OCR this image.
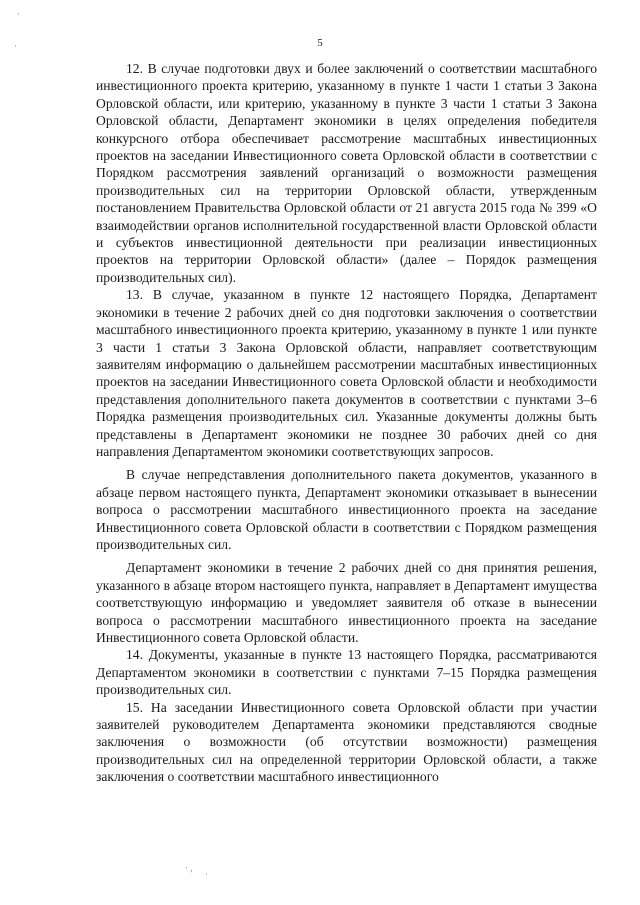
·
·
· ,
·
5

12. В случае подготовки двух и более заключений о соответствии масштабного инвестиционного проекта критерию, указанному в пункте 1 части 1 статьи 3 Закона Орловской области, или критерию, указанному в пункте 3 части 1 статьи 3 Закона Орловской области, Департамент экономики в целях определения победителя конкурсного отбора обеспечивает рассмотрение масштабных инвестиционных проектов на заседании Инвестиционного совета Орловской области в соответствии с Порядком рассмотрения заявлений организаций о возможности размещения производительных сил на территории Орловской области, утвержденным постановлением Правительства Орловской области от 21 августа 2015 года № 399 «О взаимодействии органов исполнительной государственной власти Орловской области и субъектов инвестиционной деятельности при реализации инвестиционных проектов на территории Орловской области» (далее – Порядок размещения производительных сил).

13. В случае, указанном в пункте 12 настоящего Порядка, Департамент экономики в течение 2 рабочих дней со дня подготовки заключения о соответствии масштабного инвестиционного проекта критерию, указанному в пункте 1 или пункте 3 части 1 статьи 3 Закона Орловской области, направляет соответствующим заявителям информацию о дальнейшем рассмотрении масштабных инвестиционных проектов на заседании Инвестиционного совета Орловской области и необходимости представления дополнительного пакета документов в соответствии с пунктами 3–6 Порядка размещения производительных сил. Указанные документы должны быть представлены в Департамент экономики не позднее 30 рабочих дней со дня направления Департаментом экономики соответствующих запросов.

В случае непредставления дополнительного пакета документов, указанного в абзаце первом настоящего пункта, Департамент экономики отказывает в вынесении вопроса о рассмотрении масштабного инвестиционного проекта на заседание Инвестиционного совета Орловской области в соответствии с Порядком размещения производительных сил.

Департамент экономики в течение 2 рабочих дней со дня принятия решения, указанного в абзаце втором настоящего пункта, направляет в Департамент имущества соответствующую информацию и уведомляет заявителя об отказе в вынесении вопроса о рассмотрении масштабного инвестиционного проекта на заседание Инвестиционного совета Орловской области.

14. Документы, указанные в пункте 13 настоящего Порядка, рассматриваются Департаментом экономики в соответствии с пунктами 7–15 Порядка размещения производительных сил.

15. На заседании Инвестиционного совета Орловской области при участии заявителей руководителем Департамента экономики представляются сводные заключения о возможности (об отсутствии возможности) размещения производительных сил на определенной территории Орловской области, а также заключения о соответствии масштабного инвестиционного
